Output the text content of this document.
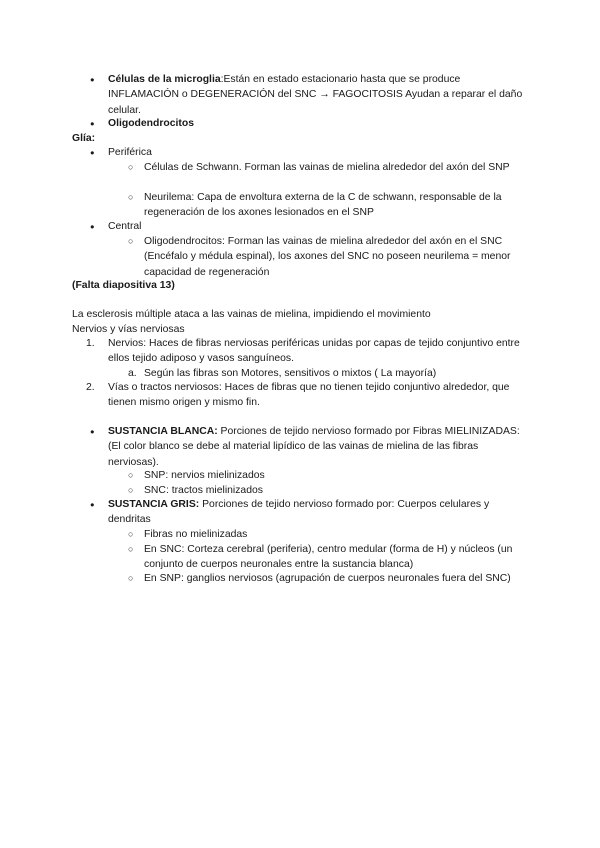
●

Células de la microglia:Están en estado estacionario hasta que se produce INFLAMACIÓN o DEGENERACIÓN del SNC → FAGOCITOSIS Ayudan a reparar el daño celular.

●

Oligodendrocitos

Glía:

●

Periférica

○

Células de Schwann. Forman las vainas de mielina alrededor del axón del SNP

○

Neurilema: Capa de envoltura externa de la C de schwann, responsable de la regeneración de los axones lesionados en el SNP

●

Central

○

Oligodendrocitos: Forman las vainas de mielina alrededor del axón en el SNC (Encéfalo y médula espinal), los axones del SNC no poseen neurilema = menor capacidad de regeneración

(Falta diapositiva 13)

La esclerosis múltiple ataca a las vainas de mielina, impidiendo el movimiento

Nervios y vías nerviosas

1.	Nervios: Haces de fibras nerviosas periféricas unidas por capas de tejido conjuntivo entre ellos tejido adiposo y vasos sanguíneos.

a. Según las fibras son Motores, sensitivos o mixtos ( La mayoría)

2.	Vías o tractos nerviosos: Haces de fibras que no tienen tejido conjuntivo alrededor, que tienen mismo origen y mismo fin.

●

SUSTANCIA BLANCA: Porciones de tejido nervioso formado por Fibras MIELINIZADAS: (El color blanco se debe al material lipídico de las vainas de mielina de las fibras nerviosas).

○

SNP: nervios mielinizados

○

SNC: tractos mielinizados

●

SUSTANCIA GRIS: Porciones de tejido nervioso formado por: Cuerpos celulares y dendritas

○

Fibras no mielinizadas

○

En SNC: Corteza cerebral (periferia), centro medular (forma de H) y núcleos (un conjunto de cuerpos neuronales entre la sustancia blanca)

○

En SNP: ganglios nerviosos (agrupación de cuerpos neuronales fuera del SNC)
